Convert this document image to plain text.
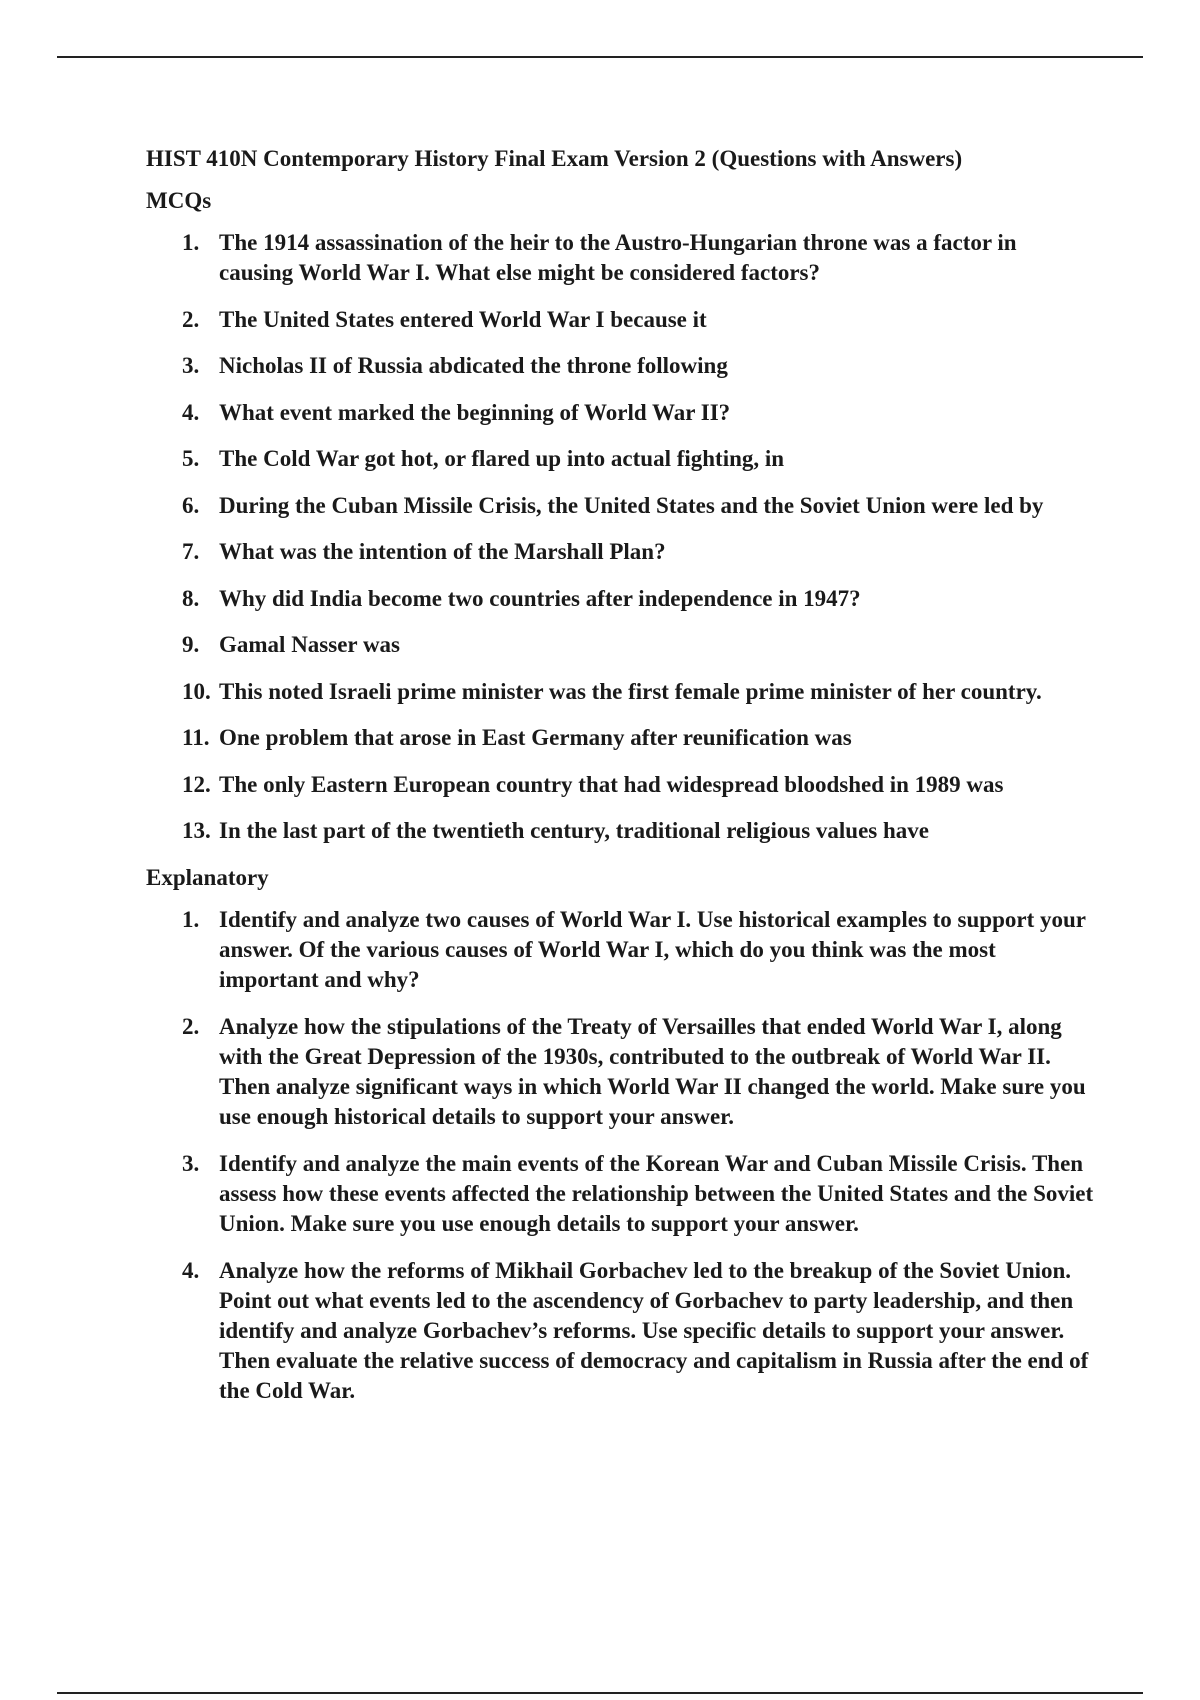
HIST 410N Contemporary History Final Exam Version 2 (Questions with Answers)
MCQs
1. The 1914 assassination of the heir to the Austro-Hungarian throne was a factor in causing World War I. What else might be considered factors?
2. The United States entered World War I because it
3. Nicholas II of Russia abdicated the throne following
4. What event marked the beginning of World War II?
5. The Cold War got hot, or flared up into actual fighting, in
6. During the Cuban Missile Crisis, the United States and the Soviet Union were led by
7. What was the intention of the Marshall Plan?
8. Why did India become two countries after independence in 1947?
9. Gamal Nasser was
10. This noted Israeli prime minister was the first female prime minister of her country.
11. One problem that arose in East Germany after reunification was
12. The only Eastern European country that had widespread bloodshed in 1989 was
13. In the last part of the twentieth century, traditional religious values have
Explanatory
1. Identify and analyze two causes of World War I. Use historical examples to support your answer. Of the various causes of World War I, which do you think was the most important and why?
2. Analyze how the stipulations of the Treaty of Versailles that ended World War I, along with the Great Depression of the 1930s, contributed to the outbreak of World War II. Then analyze significant ways in which World War II changed the world. Make sure you use enough historical details to support your answer.
3. Identify and analyze the main events of the Korean War and Cuban Missile Crisis. Then assess how these events affected the relationship between the United States and the Soviet Union. Make sure you use enough details to support your answer.
4. Analyze how the reforms of Mikhail Gorbachev led to the breakup of the Soviet Union. Point out what events led to the ascendency of Gorbachev to party leadership, and then identify and analyze Gorbachev’s reforms. Use specific details to support your answer. Then evaluate the relative success of democracy and capitalism in Russia after the end of the Cold War.
